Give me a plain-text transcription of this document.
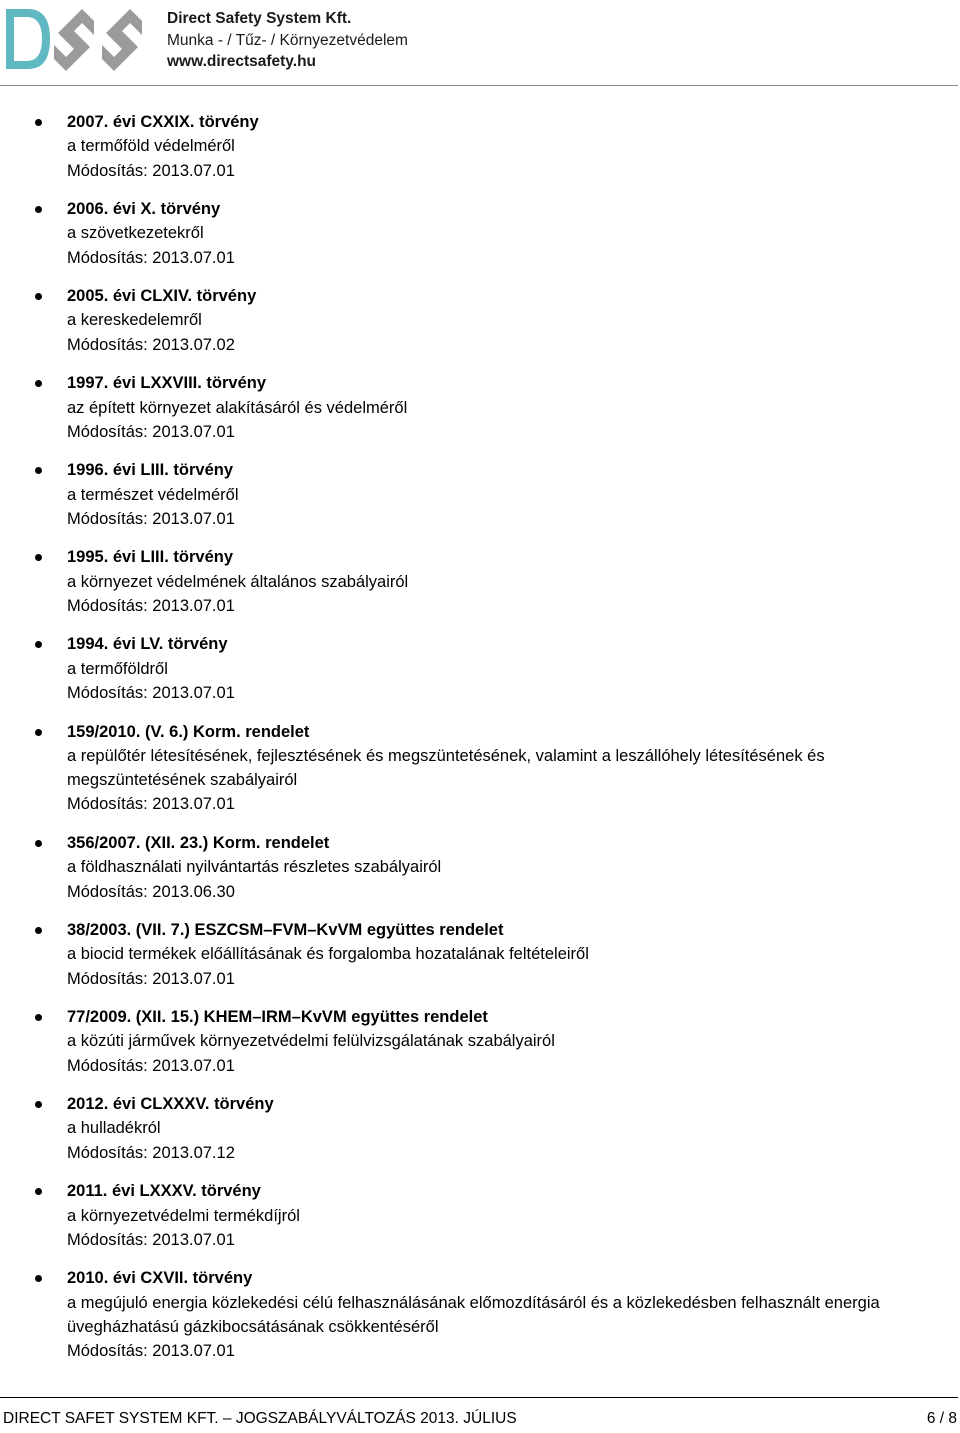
Direct Safety System Kft.
Munka - / Tűz- / Környezetvédelem
www.directsafety.hu
2007. évi CXXIX. törvény
a termőföld védelméről
Módosítás: 2013.07.01
2006. évi X. törvény
a szövetkezetekről
Módosítás: 2013.07.01
2005. évi CLXIV. törvény
a kereskedelemről
Módosítás: 2013.07.02
1997. évi LXXVIII. törvény
az épített környezet alakításáról és védelméről
Módosítás: 2013.07.01
1996. évi LIII. törvény
a természet védelméről
Módosítás: 2013.07.01
1995. évi LIII. törvény
a környezet védelmének általános szabályairól
Módosítás: 2013.07.01
1994. évi LV. törvény
a termőföldről
Módosítás: 2013.07.01
159/2010. (V. 6.) Korm. rendelet
a repülőtér létesítésének, fejlesztésének és megszüntetésének, valamint a leszállóhely létesítésének és megszüntetésének szabályairól
Módosítás: 2013.07.01
356/2007. (XII. 23.) Korm. rendelet
a földhasználati nyilvántartás részletes szabályairól
Módosítás: 2013.06.30
38/2003. (VII. 7.) ESZCSM–FVM–KvVM együttes rendelet
a biocid termékek előállításának és forgalomba hozatalának feltételeiről
Módosítás: 2013.07.01
77/2009. (XII. 15.) KHEM–IRM–KvVM együttes rendelet
a közúti járművek környezetvédelmi felülvizsgálatának szabályairól
Módosítás: 2013.07.01
2012. évi CLXXXV. törvény
a hulladékról
Módosítás: 2013.07.12
2011. évi LXXXV. törvény
a környezetvédelmi termékdíjról
Módosítás: 2013.07.01
2010. évi CXVII. törvény
a megújuló energia közlekedési célú felhasználásának előmozdításáról és a közlekedésben felhasznált energia üvegházhatású gázkibocsátásának csökkentéséről
Módosítás: 2013.07.01
DIRECT SAFET SYSTEM KFT. – JOGSZABÁLYVÁLTOZÁS 2013. JÚLIUS	6 / 8
